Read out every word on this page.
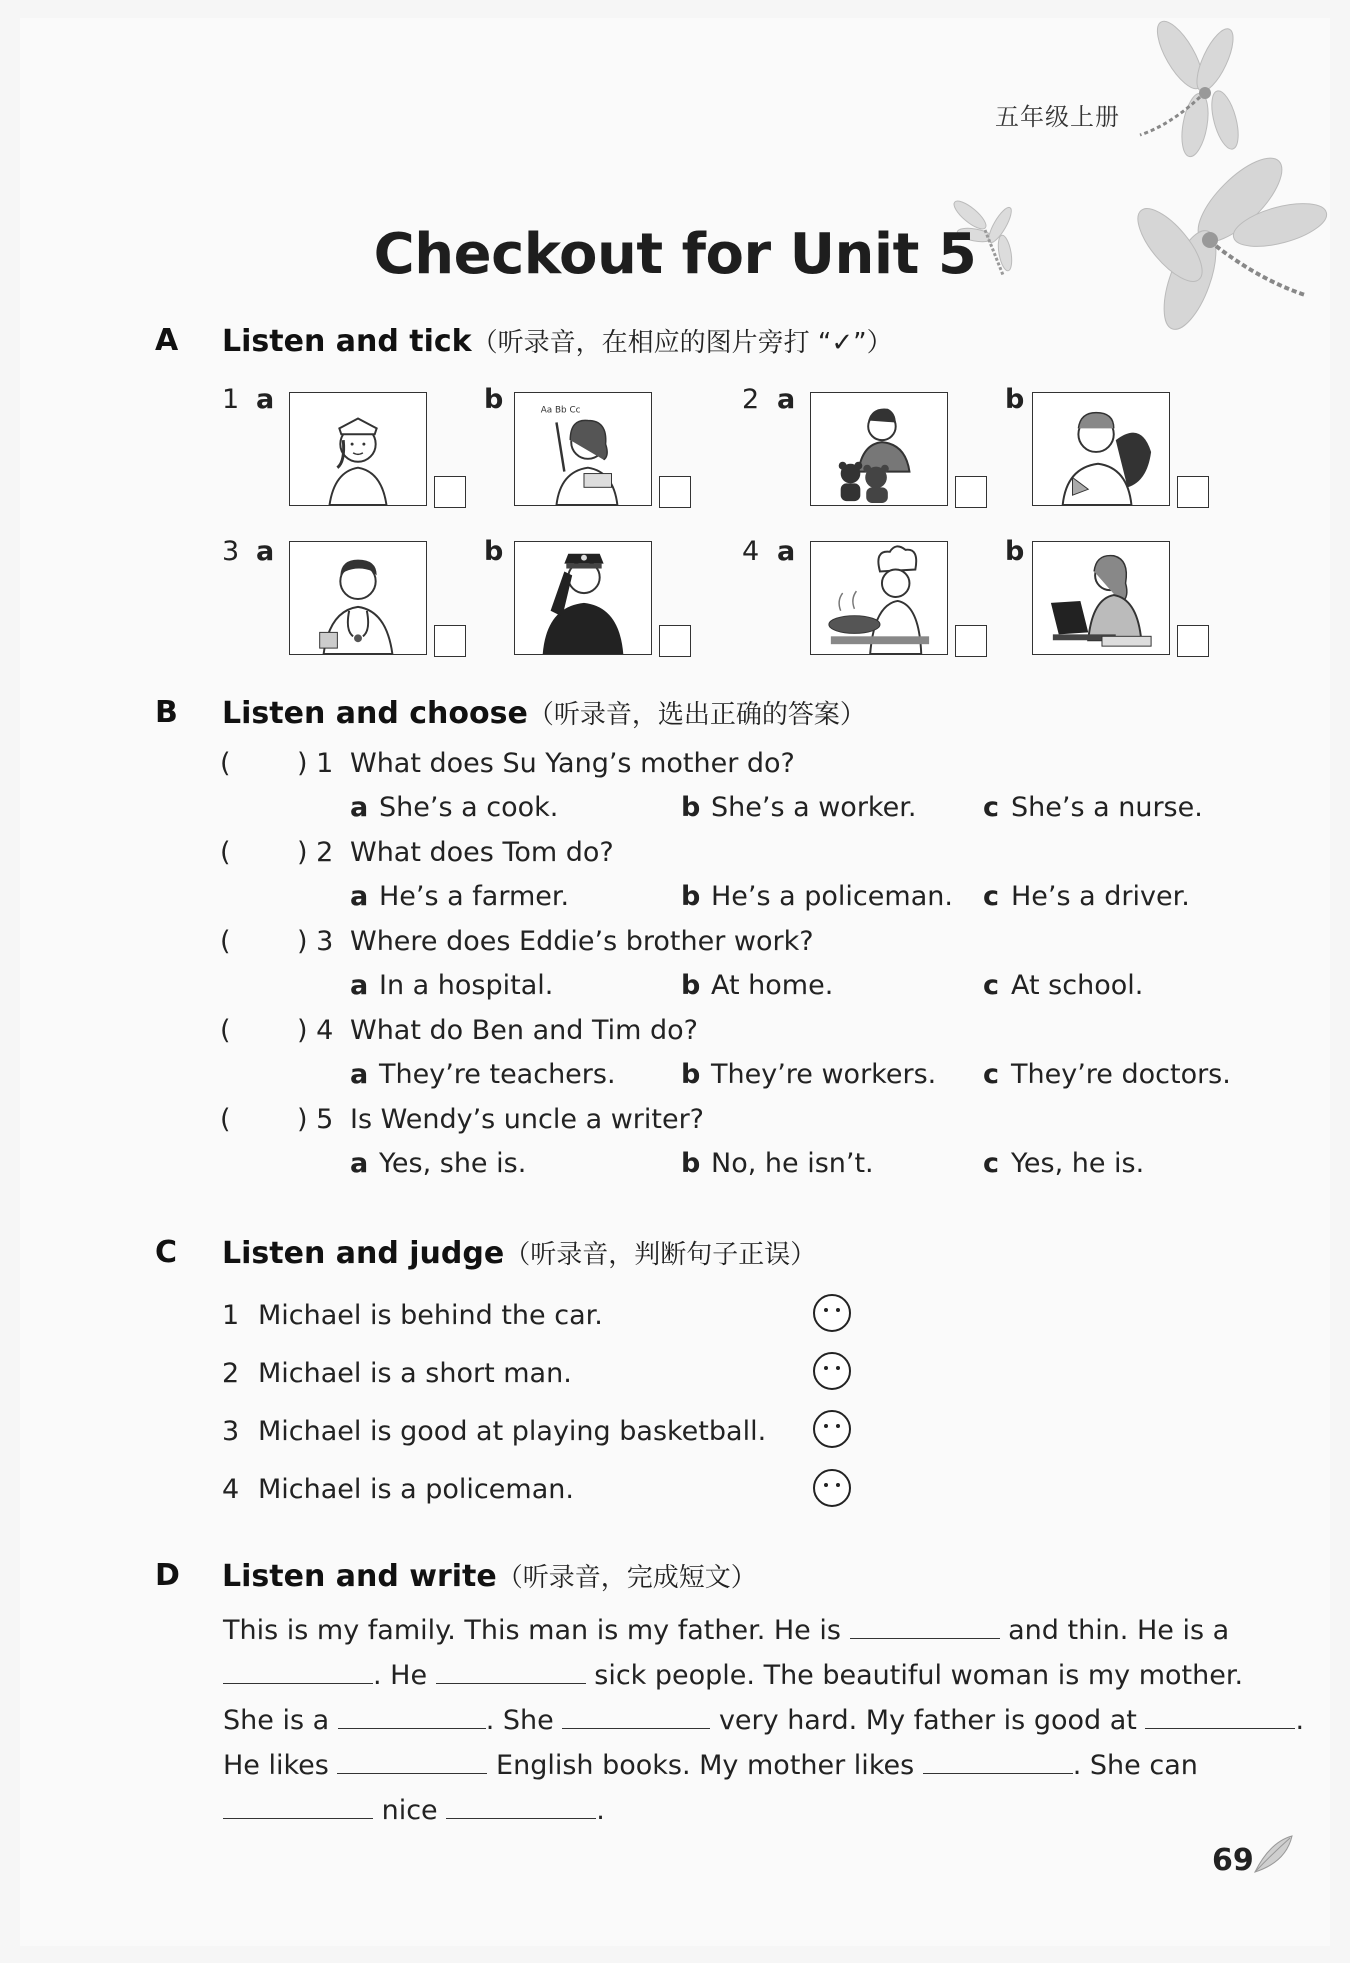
五年级上册
Checkout for Unit 5
A Listen and tick（听录音，在相应的图片旁打 “✓”）
1 a	b	Aa Bb Cc	2 a	b
3 a	b	4 a	b
B Listen and choose（听录音，选出正确的答案）
( ) 1 What does Su Yang’s mother do?
a She’s a cook.	b She’s a worker. c She’s a nurse.
( ) 2 What does Tom do?
a He’s a farmer.	b He’s a policeman. c He’s a driver.
( ) 3 Where does Eddie’s brother work?
a In a hospital.	b At home.	c At school.
( ) 4 What do Ben and Tim do?
a They’re teachers. b They’re workers. c They’re doctors.
( ) 5 Is Wendy’s uncle a writer?
a Yes, she is.	b No, he isn’t.	c Yes, he is.
C Listen and judge（听录音，判断句子正误）
1 Michael is behind the car.
2 Michael is a short man.
3 Michael is good at playing basketball.
4 Michael is a policeman.
D Listen and write（听录音，完成短文）
This is my family. This man is my father. He is	and thin. He is a
. He	sick people. The beautiful woman is my mother.
She is a	. She	very hard. My father is good at	.
He likes	English books. My mother likes	. She can
nice	.
69
